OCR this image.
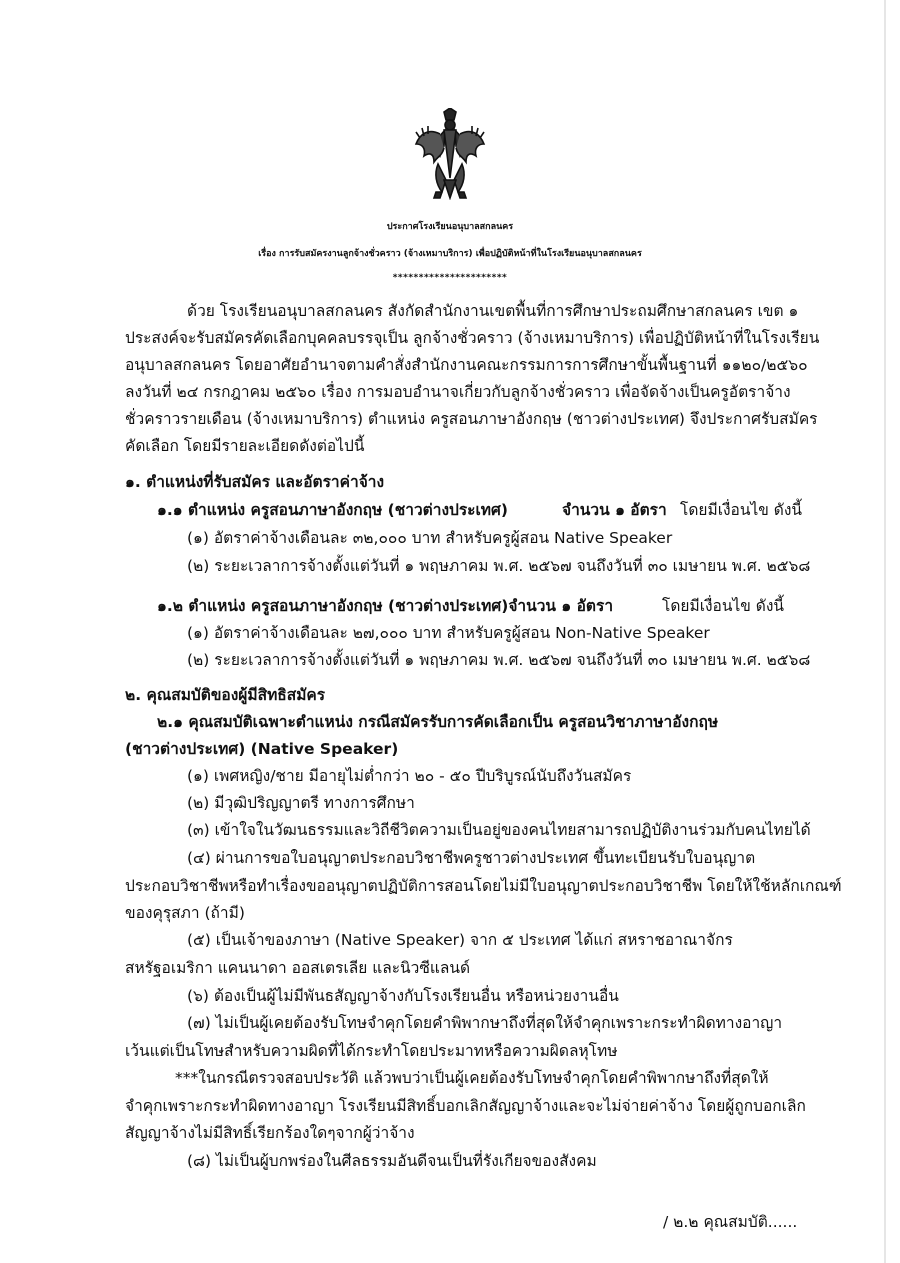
ประกาศโรงเรียนอนุบาลสกลนคร
เรื่อง การรับสมัครงานลูกจ้างชั่วคราว (จ้างเหมาบริการ) เพื่อปฏิบัติหน้าที่ในโรงเรียนอนุบาลสกลนคร
**********************
ด้วย โรงเรียนอนุบาลสกลนคร สังกัดสำนักงานเขตพื้นที่การศึกษาประถมศึกษาสกลนคร เขต ๑
ประสงค์จะรับสมัครคัดเลือกบุคคลบรรจุเป็น ลูกจ้างชั่วคราว (จ้างเหมาบริการ) เพื่อปฏิบัติหน้าที่ในโรงเรียน
อนุบาลสกลนคร โดยอาศัยอำนาจตามคำสั่งสำนักงานคณะกรรมการการศึกษาขั้นพื้นฐานที่ ๑๑๒๐/๒๕๖๐
ลงวันที่ ๒๔ กรกฎาคม ๒๕๖๐ เรื่อง การมอบอำนาจเกี่ยวกับลูกจ้างชั่วคราว เพื่อจัดจ้างเป็นครูอัตราจ้าง
ชั่วคราวรายเดือน (จ้างเหมาบริการ) ตำแหน่ง ครูสอนภาษาอังกฤษ (ชาวต่างประเทศ) จึงประกาศรับสมัคร
คัดเลือก โดยมีรายละเอียดดังต่อไปนี้
๑. ตำแหน่งที่รับสมัคร และอัตราค่าจ้าง
๑.๑ ตำแหน่ง ครูสอนภาษาอังกฤษ (ชาวต่างประเทศ)	จำนวน ๑ อัตรา โดยมีเงื่อนไข ดังนี้
(๑) อัตราค่าจ้างเดือนละ ๓๒,๐๐๐ บาท สำหรับครูผู้สอน Native Speaker
(๒) ระยะเวลาการจ้างตั้งแต่วันที่ ๑ พฤษภาคม พ.ศ. ๒๕๖๗ จนถึงวันที่ ๓๐ เมษายน พ.ศ. ๒๕๖๘
๑.๒ ตำแหน่ง ครูสอนภาษาอังกฤษ (ชาวต่างประเทศ)จำนวน ๑ อัตรา	โดยมีเงื่อนไข ดังนี้
(๑) อัตราค่าจ้างเดือนละ ๒๗,๐๐๐ บาท สำหรับครูผู้สอน Non-Native Speaker
(๒) ระยะเวลาการจ้างตั้งแต่วันที่ ๑ พฤษภาคม พ.ศ. ๒๕๖๗ จนถึงวันที่ ๓๐ เมษายน พ.ศ. ๒๕๖๘
๒. คุณสมบัติของผู้มีสิทธิสมัคร
๒.๑ คุณสมบัติเฉพาะตำแหน่ง กรณีสมัครรับการคัดเลือกเป็น ครูสอนวิชาภาษาอังกฤษ
(ชาวต่างประเทศ) (Native Speaker)
(๑) เพศหญิง/ชาย มีอายุไม่ต่ำกว่า ๒๐ - ๕๐ ปีบริบูรณ์นับถึงวันสมัคร
(๒) มีวุฒิปริญญาตรี ทางการศึกษา
(๓) เข้าใจในวัฒนธรรมและวิถีชีวิตความเป็นอยู่ของคนไทยสามารถปฏิบัติงานร่วมกับคนไทยได้
(๔) ผ่านการขอใบอนุญาตประกอบวิชาชีพครูชาวต่างประเทศ ขึ้นทะเบียนรับใบอนุญาต
ประกอบวิชาชีพหรือทำเรื่องขออนุญาตปฏิบัติการสอนโดยไม่มีใบอนุญาตประกอบวิชาชีพ โดยให้ใช้หลักเกณฑ์
ของคุรุสภา (ถ้ามี)
(๕) เป็นเจ้าของภาษา (Native Speaker) จาก ๕ ประเทศ ได้แก่ สหราชอาณาจักร
สหรัฐอเมริกา แคนนาดา ออสเตรเลีย และนิวซีแลนด์
(๖) ต้องเป็นผู้ไม่มีพันธสัญญาจ้างกับโรงเรียนอื่น หรือหน่วยงานอื่น
(๗) ไม่เป็นผู้เคยต้องรับโทษจำคุกโดยคำพิพากษาถึงที่สุดให้จำคุกเพราะกระทำผิดทางอาญา
เว้นแต่เป็นโทษสำหรับความผิดที่ได้กระทำโดยประมาทหรือความผิดลหุโทษ
***ในกรณีตรวจสอบประวัติ แล้วพบว่าเป็นผู้เคยต้องรับโทษจำคุกโดยคำพิพากษาถึงที่สุดให้
จำคุกเพราะกระทำผิดทางอาญา โรงเรียนมีสิทธิ์บอกเลิกสัญญาจ้างและจะไม่จ่ายค่าจ้าง โดยผู้ถูกบอกเลิก
สัญญาจ้างไม่มีสิทธิ์เรียกร้องใดๆจากผู้ว่าจ้าง
(๘) ไม่เป็นผู้บกพร่องในศีลธรรมอันดีจนเป็นที่รังเกียจของสังคม
/ ๒.๒ คุณสมบัติ......
